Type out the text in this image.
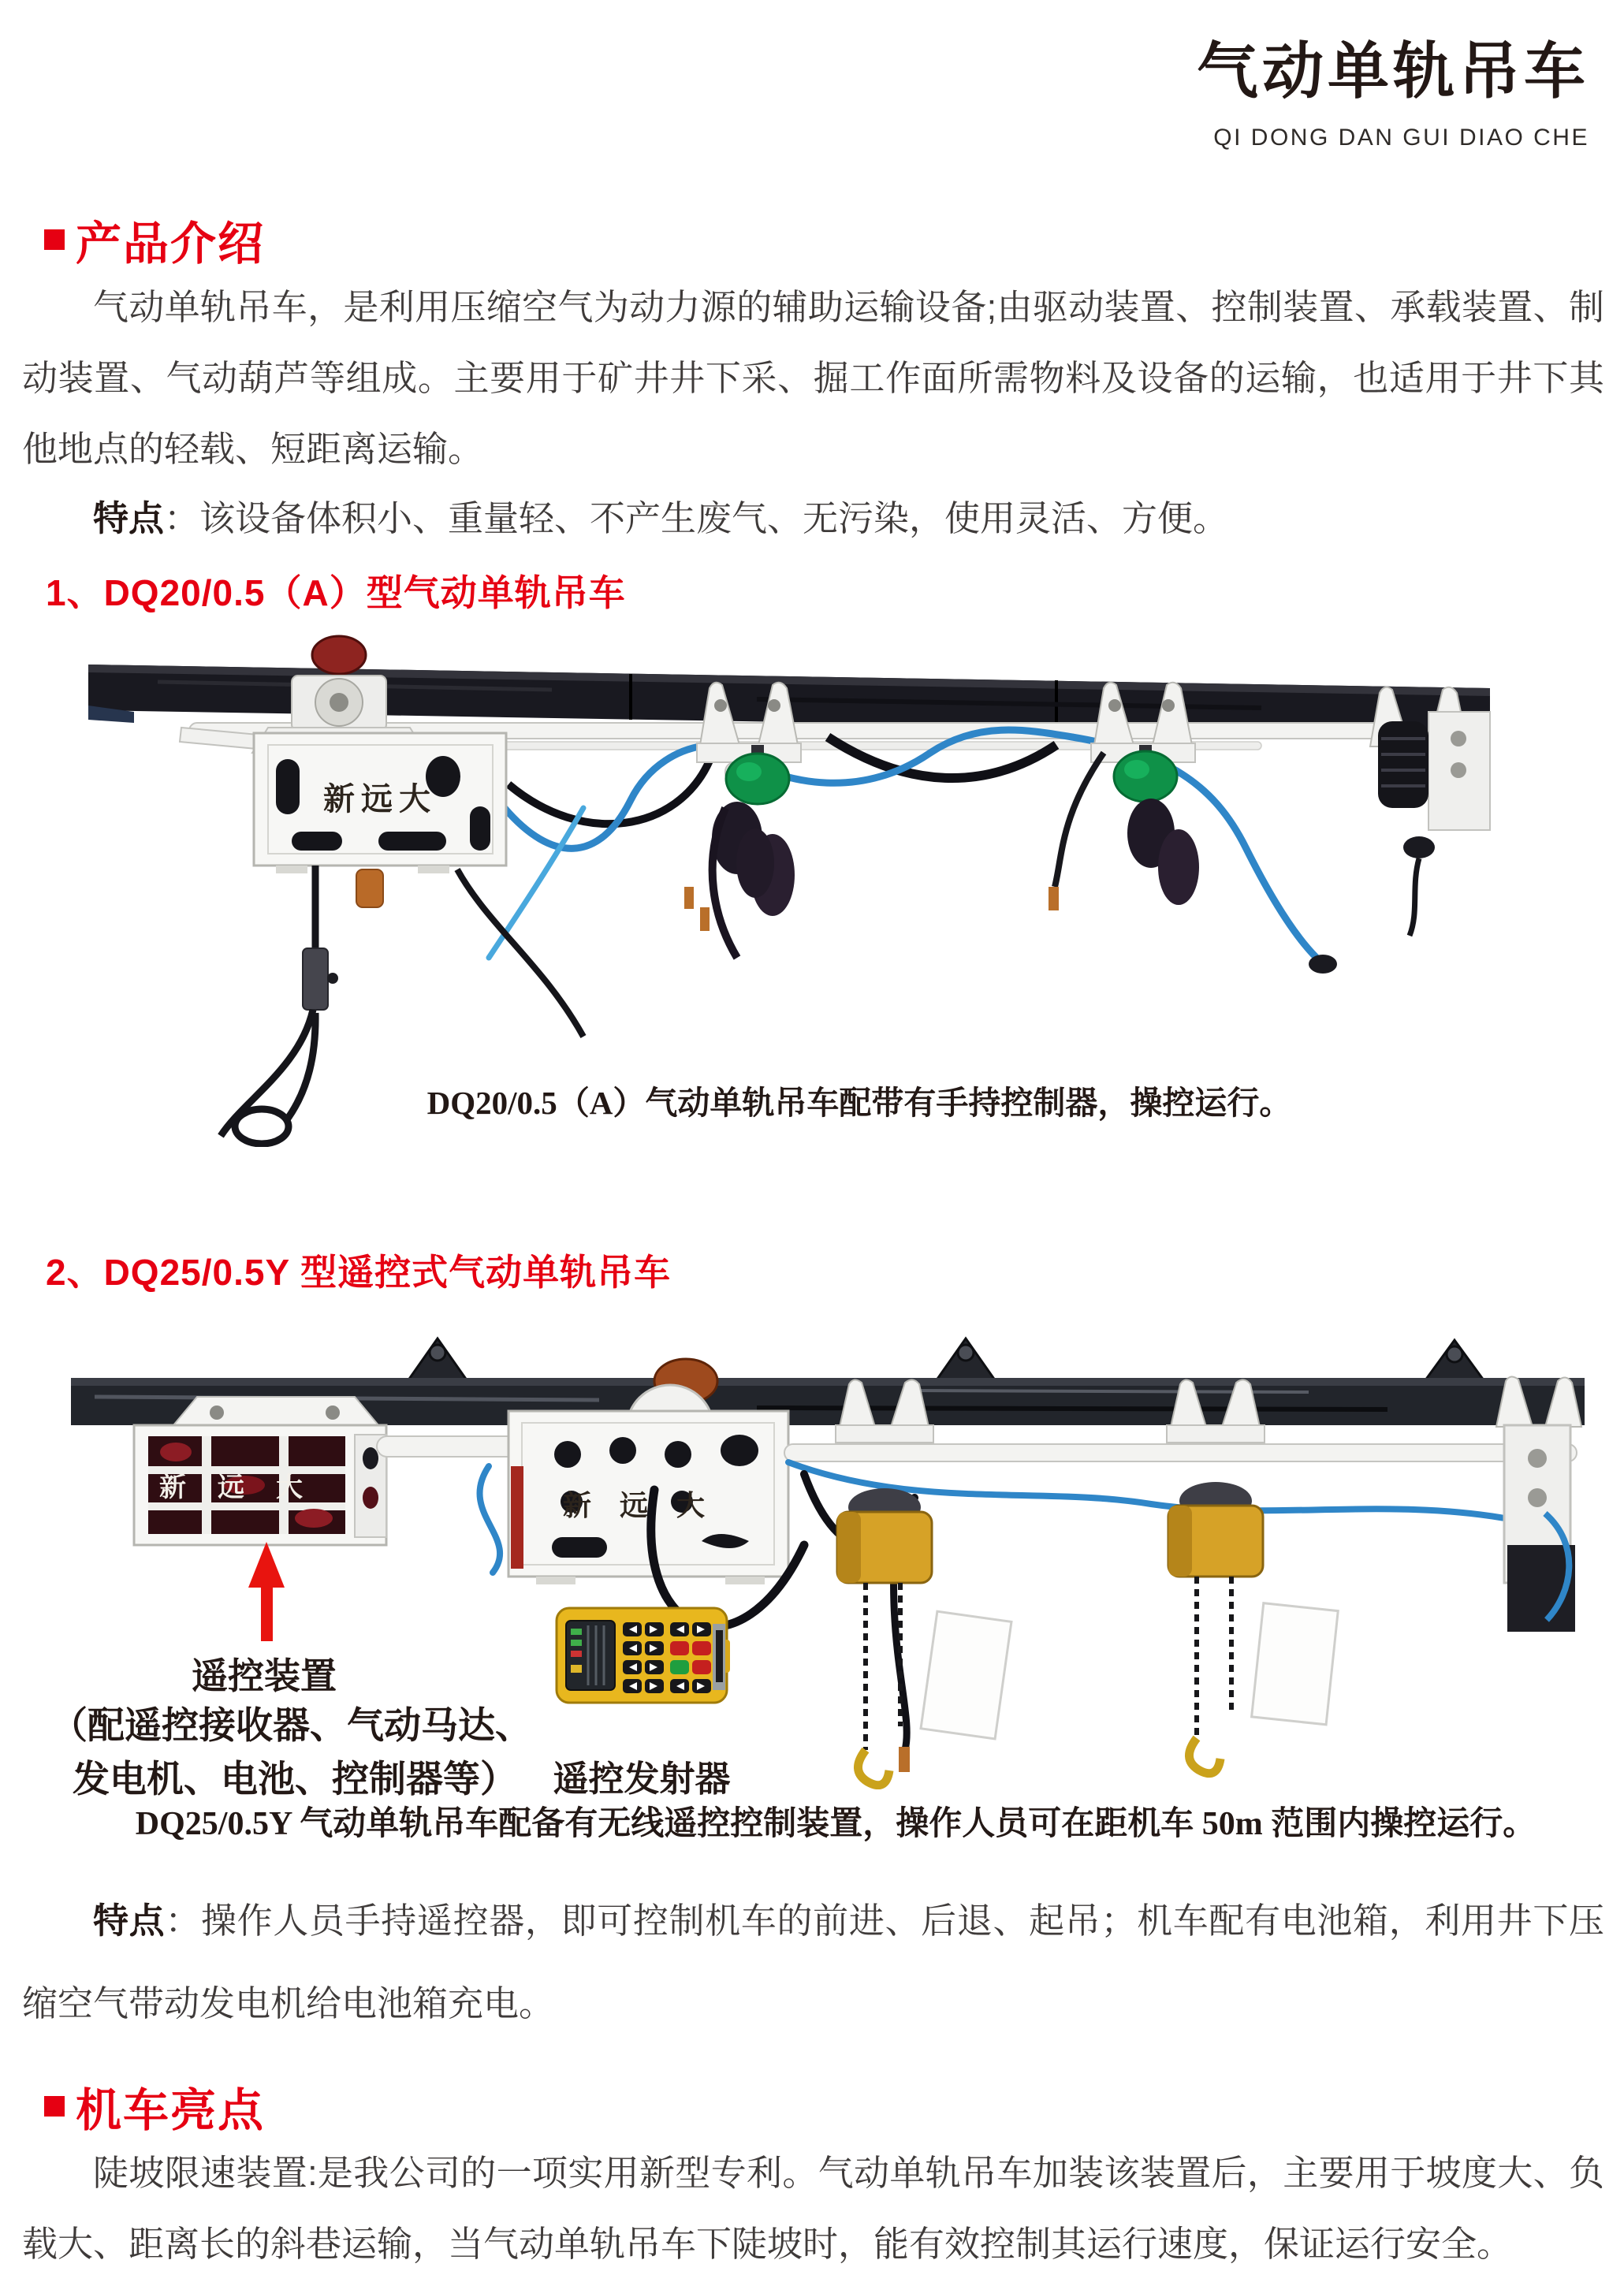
气动单轨吊车
QI DONG DAN GUI DIAO CHE
产品介绍
气动单轨吊车，是利用压缩空气为动力源的辅助运输设备;由驱动装置、控制装置、承载装置、制动装置、气动葫芦等组成。主要用于矿井井下采、掘工作面所需物料及设备的运输，也适用于井下其他地点的轻载、短距离运输。
特点：该设备体积小、重量轻、不产生废气、无污染，使用灵活、方便。
1、DQ20/0.5（A）型气动单轨吊车
新远大
DQ20/0.5（A）气动单轨吊车配带有手持控制器，操控运行。
2、DQ25/0.5Y 型遥控式气动单轨吊车
新远大
新远大
遥控装置
（配遥控接收器、气动马达、
发电机、电池、控制器等） 遥控发射器
DQ25/0.5Y 气动单轨吊车配备有无线遥控控制装置，操作人员可在距机车 50m 范围内操控运行。
特点：操作人员手持遥控器，即可控制机车的前进、后退、起吊；机车配有电池箱，利用井下压缩空气带动发电机给电池箱充电。
机车亮点
陡坡限速装置:是我公司的一项实用新型专利。气动单轨吊车加装该装置后，主要用于坡度大、负载大、距离长的斜巷运输，当气动单轨吊车下陡坡时，能有效控制其运行速度，保证运行安全。
